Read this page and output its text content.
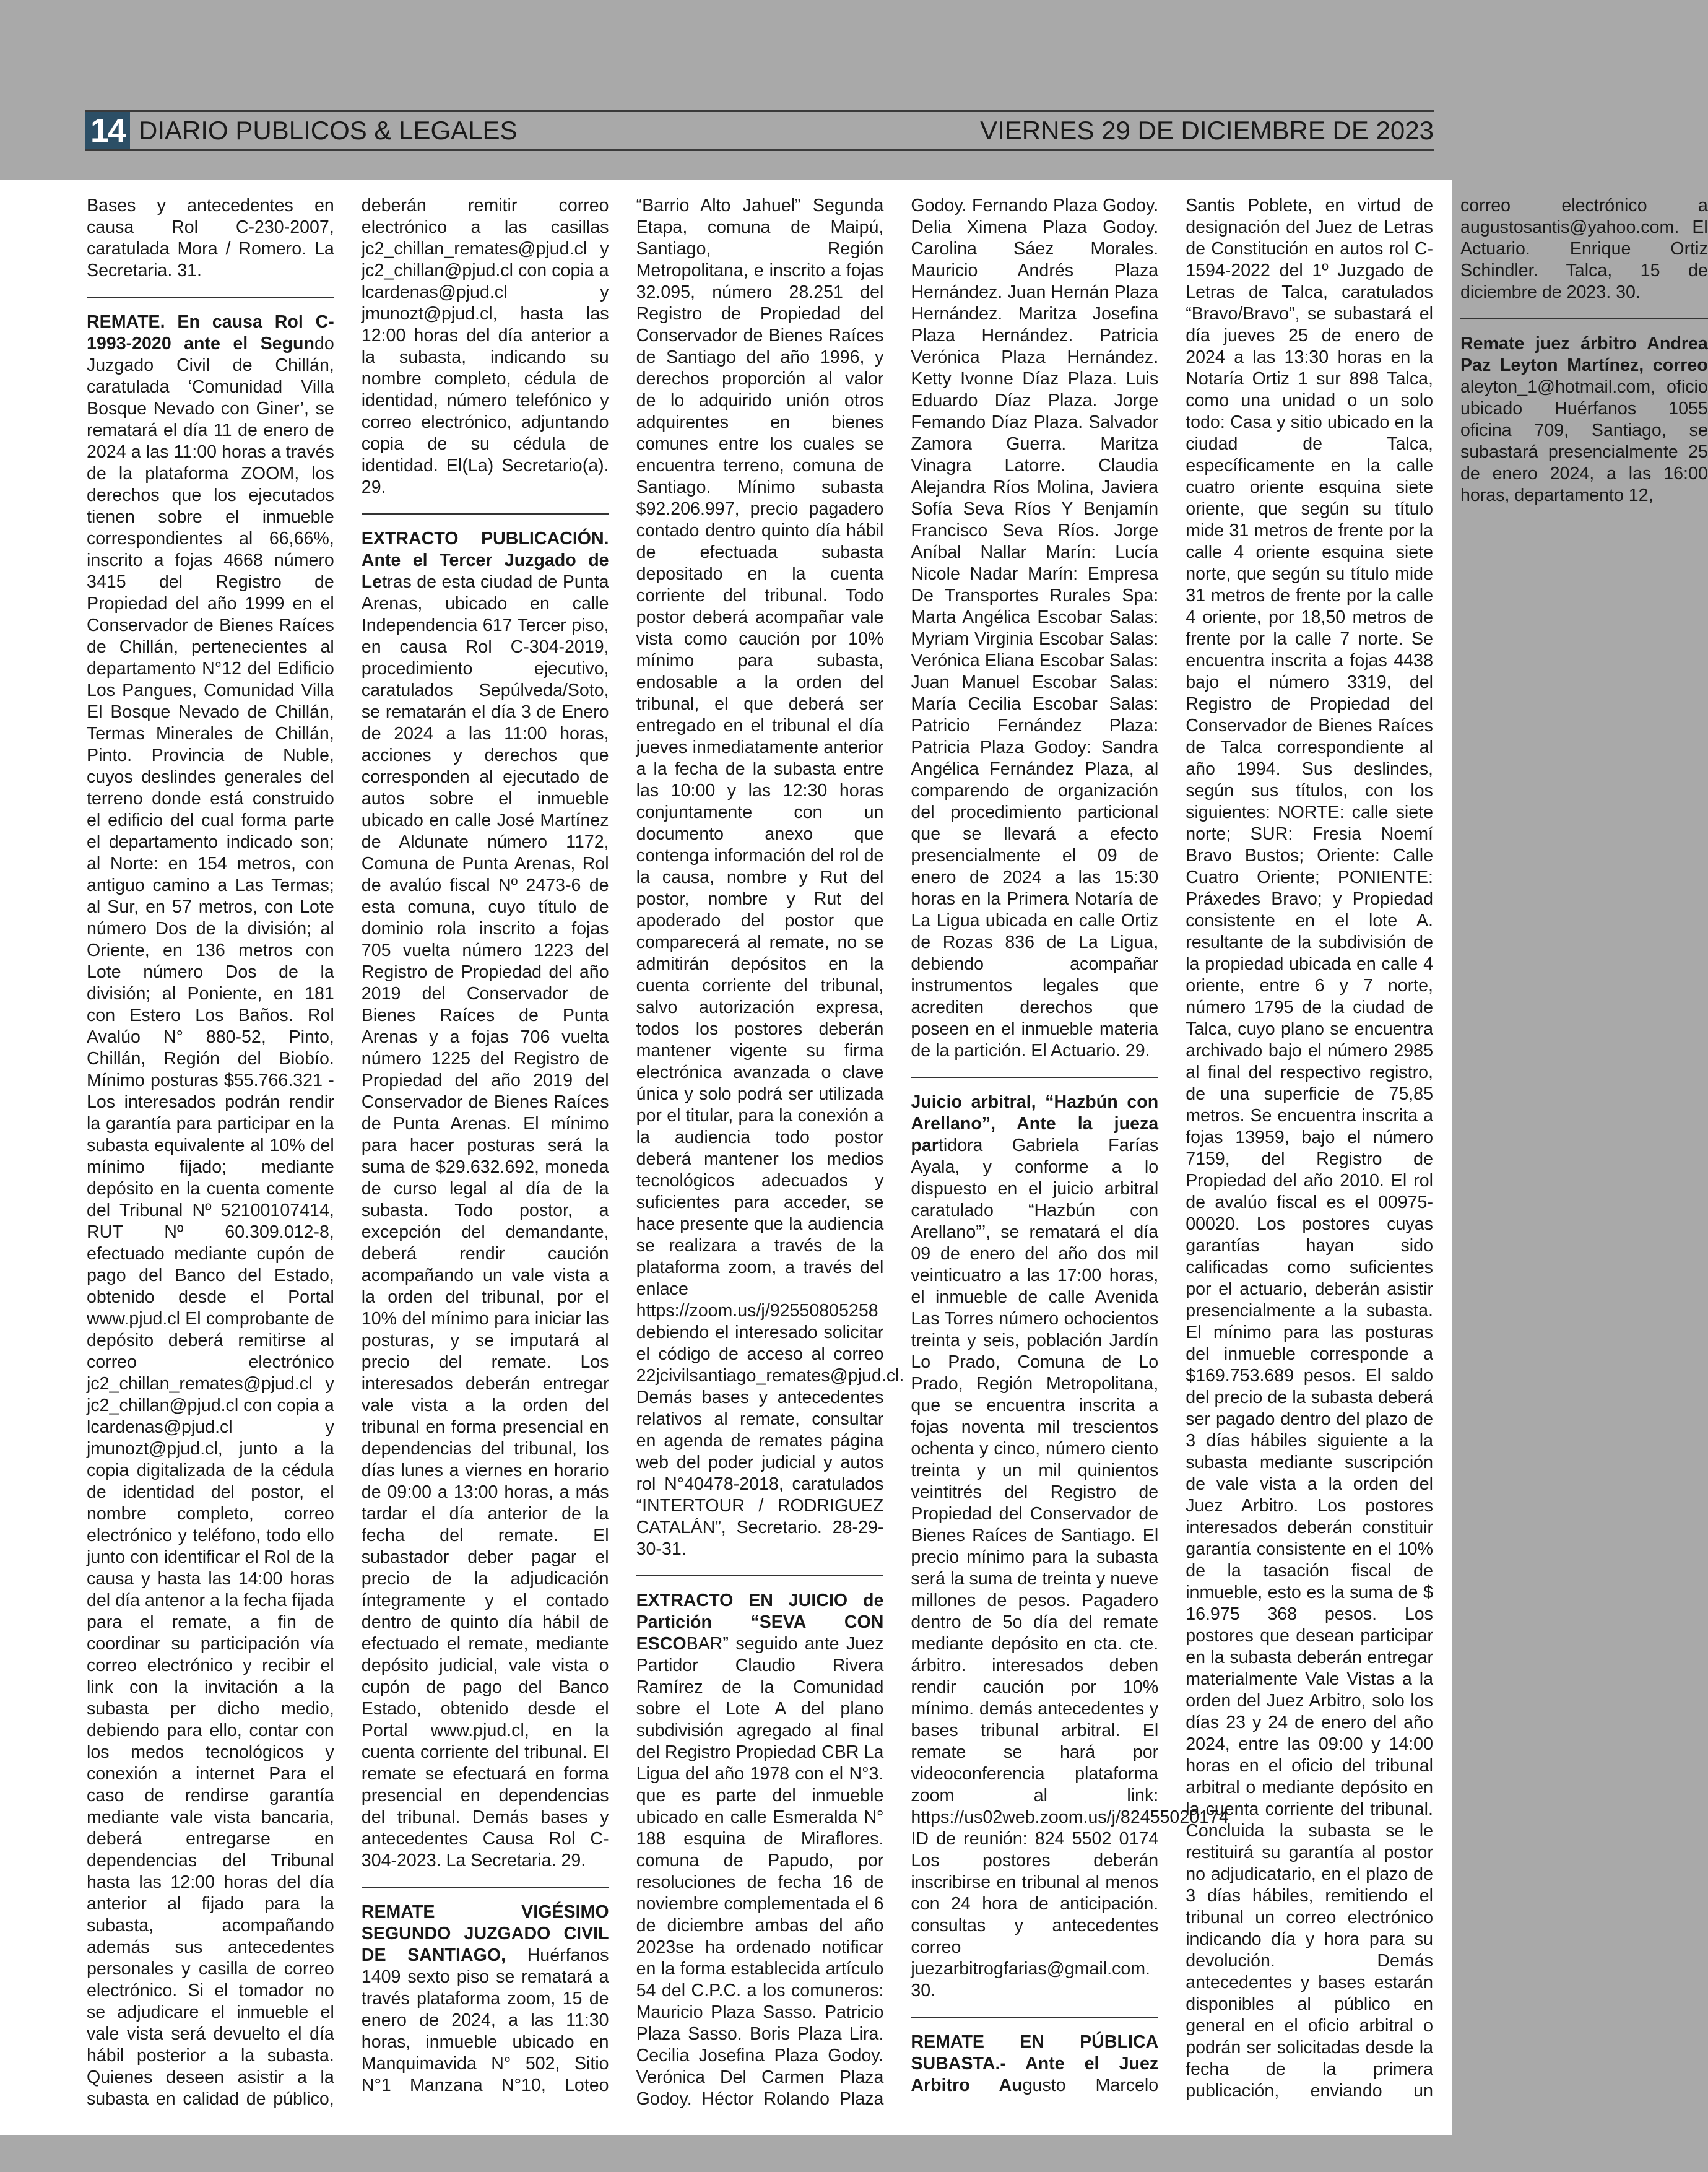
14 DIARIO PUBLICOS & LEGALES	VIERNES 29 DE DICIEMBRE DE 2023

Bases y antecedentes en causa Rol C-230-2007, caratulada Mora / Romero. La Secretaria. 31.

REMATE. En causa Rol C-1993-2020 ante el Segundo Juzgado Civil de Chillán, caratulada ‘Comunidad Villa Bosque Nevado con Giner’, se rematará el día 11 de enero de 2024 a las 11:00 horas a través de la plataforma ZOOM, los derechos que los ejecutados tienen sobre el inmueble correspondientes al 66,66%, inscrito a fojas 4668 número 3415 del Registro de Propiedad del año 1999 en el Conservador de Bienes Raíces de Chillán, pertenecientes al departamento N°12 del Edificio Los Pangues, Comunidad Villa El Bosque Nevado de Chillán, Termas Minerales de Chillán, Pinto. Provincia de Nuble, cuyos deslindes generales del terreno donde está construido el edificio del cual forma parte el departamento indicado son; al Norte: en 154 metros, con antiguo camino a Las Termas; al Sur, en 57 metros, con Lote número Dos de la división; al Oriente, en 136 metros con Lote número Dos de la división; al Poniente, en 181 con Estero Los Baños. Rol Avalúo N° 880-52, Pinto, Chillán, Región del Biobío. Mínimo posturas $55.766.321 - Los interesados podrán rendir la garantía para participar en la subasta equivalente al 10% del mínimo fijado; mediante depósito en la cuenta comente del Tribunal Nº 52100107414, RUT Nº 60.309.012-8, efectuado mediante cupón de pago del Banco del Estado, obtenido desde el Portal www.pjud.cl El comprobante de depósito deberá remitirse al correo electrónico jc2_chillan_remates@pjud.cl y jc2_chillan@pjud.cl con copia a lcardenas@pjud.cl y jmunozt@pjud.cl, junto a la copia digitalizada de la cédula de identidad del postor, el nombre completo, correo electrónico y teléfono, todo ello junto con identificar el Rol de la causa y hasta las 14:00 horas del día antenor a la fecha fijada para el remate, a fin de coordinar su participación vía correo electrónico y recibir el link con la invitación a la subasta per dicho medio, debiendo para ello, contar con los medos tecnológicos y conexión a internet Para el caso de rendirse garantía mediante vale vista bancaria, deberá entregarse en dependencias del Tribunal hasta las 12:00 horas del día anterior al fijado para la subasta, acompañando además sus antecedentes personales y casilla de correo electrónico. Si el tomador no se adjudicare el inmueble el vale vista será devuelto el día hábil posterior a la subasta. Quienes deseen asistir a la subasta en calidad de público, deberán remitir correo electrónico a las casillas jc2_chillan_remates@pjud.cl y jc2_chillan@pjud.cl con copia a lcardenas@pjud.cl y jmunozt@pjud.cl, hasta las 12:00 horas del día anterior a la subasta, indicando su nombre completo, cédula de identidad, número telefónico y correo electrónico, adjuntando copia de su cédula de identidad. El(La) Secretario(a). 29.

EXTRACTO PUBLICACIÓN. Ante el Tercer Juzgado de Letras de esta ciudad de Punta Arenas, ubicado en calle Independencia 617 Tercer piso, en causa Rol C-304-2019, procedimiento ejecutivo, caratulados Sepúlveda/Soto, se rematarán el día 3 de Enero de 2024 a las 11:00 horas, acciones y derechos que corresponden al ejecutado de autos sobre el inmueble ubicado en calle José Martínez de Aldunate número 1172, Comuna de Punta Arenas, Rol de avalúo fiscal Nº 2473-6 de esta comuna, cuyo título de dominio rola inscrito a fojas 705 vuelta número 1223 del Registro de Propiedad del año 2019 del Conservador de Bienes Raíces de Punta Arenas y a fojas 706 vuelta número 1225 del Registro de Propiedad del año 2019 del Conservador de Bienes Raíces de Punta Arenas. El mínimo para hacer posturas será la suma de $29.632.692, moneda de curso legal al día de la subasta. Todo postor, a excepción del demandante, deberá rendir caución acompañando un vale vista a la orden del tribunal, por el 10% del mínimo para iniciar las posturas, y se imputará al precio del remate. Los interesados deberán entregar vale vista a la orden del tribunal en forma presencial en dependencias del tribunal, los días lunes a viernes en horario de 09:00 a 13:00 horas, a más tardar el día anterior de la fecha del remate. El subastador deber pagar el precio de la adjudicación íntegramente y el contado dentro de quinto día hábil de efectuado el remate, mediante depósito judicial, vale vista o cupón de pago del Banco Estado, obtenido desde el Portal www.pjud.cl, en la cuenta corriente del tribunal. El remate se efectuará en forma presencial en dependencias del tribunal. Demás bases y antecedentes Causa Rol C-304-2023. La Secretaria. 29.

REMATE VIGÉSIMO SEGUNDO JUZGADO CIVIL DE SANTIAGO, Huérfanos 1409 sexto piso se rematará a través plataforma zoom, 15 de enero de 2024, a las 11:30 horas, inmueble ubicado en Manquimavida N° 502, Sitio N°1 Manzana N°10, Loteo “Barrio Alto Jahuel” Segunda Etapa, comuna de Maipú, Santiago, Región Metropolitana, e inscrito a fojas 32.095, número 28.251 del Registro de Propiedad del Conservador de Bienes Raíces de Santiago del año 1996, y derechos proporción al valor de lo adquirido unión otros adquirentes en bienes comunes entre los cuales se encuentra terreno, comuna de Santiago. Mínimo subasta $92.206.997, precio pagadero contado dentro quinto día hábil de efectuada subasta depositado en la cuenta corriente del tribunal. Todo postor deberá acompañar vale vista como caución por 10% mínimo para subasta, endosable a la orden del tribunal, el que deberá ser entregado en el tribunal el día jueves inmediatamente anterior a la fecha de la subasta entre las 10:00 y las 12:30 horas conjuntamente con un documento anexo que contenga información del rol de la causa, nombre y Rut del postor, nombre y Rut del apoderado del postor que comparecerá al remate, no se admitirán depósitos en la cuenta corriente del tribunal, salvo autorización expresa, todos los postores deberán mantener vigente su firma electrónica avanzada o clave única y solo podrá ser utilizada por el titular, para la conexión a la audiencia todo postor deberá mantener los medios tecnológicos adecuados y suficientes para acceder, se hace presente que la audiencia se realizara a través de la plataforma zoom, a través del enlace https://zoom.us/j/92550805258 debiendo el interesado solicitar el código de acceso al correo 22jcivilsantiago_remates@pjud.cl. Demás bases y antecedentes relativos al remate, consultar en agenda de remates página web del poder judicial y autos rol N°40478-2018, caratulados “INTERTOUR / RODRIGUEZ CATALÁN”, Secretario. 28-29-30-31.

EXTRACTO EN JUICIO de Partición “SEVA CON ESCOBAR” seguido ante Juez Partidor Claudio Rivera Ramírez de la Comunidad sobre el Lote A del plano subdivisión agregado al final del Registro Propiedad CBR La Ligua del año 1978 con el N°3. que es parte del inmueble ubicado en calle Esmeralda N° 188 esquina de Miraflores. comuna de Papudo, por resoluciones de fecha 16 de noviembre complementada el 6 de diciembre ambas del año 2023se ha ordenado notificar en la forma establecida artículo 54 del C.P.C. a los comuneros: Mauricio Plaza Sasso. Patricio Plaza Sasso. Boris Plaza Lira. Cecilia Josefina Plaza Godoy. Verónica Del Carmen Plaza Godoy. Héctor Rolando Plaza Godoy. Fernando Plaza Godoy. Delia Ximena Plaza Godoy. Carolina Sáez Morales. Mauricio Andrés Plaza Hernández. Juan Hernán Plaza Hernández. Maritza Josefina Plaza Hernández. Patricia Verónica Plaza Hernández. Ketty Ivonne Díaz Plaza. Luis Eduardo Díaz Plaza. Jorge Femando Díaz Plaza. Salvador Zamora Guerra. Maritza Vinagra Latorre. Claudia Alejandra Ríos Molina, Javiera Sofía Seva Ríos Y Benjamín Francisco Seva Ríos. Jorge Aníbal Nallar Marín: Lucía Nicole Nadar Marín: Empresa De Transportes Rurales Spa: Marta Angélica Escobar Salas: Myriam Virginia Escobar Salas: Verónica Eliana Escobar Salas: Juan Manuel Escobar Salas: María Cecilia Escobar Salas: Patricio Fernández Plaza: Patricia Plaza Godoy: Sandra Angélica Fernández Plaza, al comparendo de organización del procedimiento particional que se llevará a efecto presencialmente el 09 de enero de 2024 a las 15:30 horas en la Primera Notaría de La Ligua ubicada en calle Ortiz de Rozas 836 de La Ligua, debiendo acompañar instrumentos legales que acrediten derechos que poseen en el inmueble materia de la partición. El Actuario. 29.

Juicio arbitral, “Hazbún con Arellano”, Ante la jueza partidora Gabriela Farías Ayala, y conforme a lo dispuesto en el juicio arbitral caratulado “Hazbún con Arellano”’, se rematará el día 09 de enero del año dos mil veinticuatro a las 17:00 horas, el inmueble de calle Avenida Las Torres número ochocientos treinta y seis, población Jardín Lo Prado, Comuna de Lo Prado, Región Metropolitana, que se encuentra inscrita a fojas noventa mil trescientos ochenta y cinco, número ciento treinta y un mil quinientos veintitrés del Registro de Propiedad del Conservador de Bienes Raíces de Santiago. El precio mínimo para la subasta será la suma de treinta y nueve millones de pesos. Pagadero dentro de 5o día del remate mediante depósito en cta. cte. árbitro. interesados deben rendir caución por 10% mínimo. demás antecedentes y bases tribunal arbitral. El remate se hará por videoconferencia plataforma zoom al link: https://us02web.zoom.us/j/82455020174 ID de reunión: 824 5502 0174 Los postores deberán inscribirse en tribunal al menos con 24 hora de anticipación. consultas y antecedentes correo juezarbitrogfarias@gmail.com. 30.

REMATE EN PÚBLICA SUBASTA.- Ante el Juez Arbitro Augusto Marcelo Santis Poblete, en virtud de designación del Juez de Letras de Constitución en autos rol C-1594-2022 del 1º Juzgado de Letras de Talca, caratulados “Bravo/Bravo”, se subastará el día jueves 25 de enero de 2024 a las 13:30 horas en la Notaría Ortiz 1 sur 898 Talca, como una unidad o un solo todo: Casa y sitio ubicado en la ciudad de Talca, específicamente en la calle cuatro oriente esquina siete oriente, que según su título mide 31 metros de frente por la calle 4 oriente esquina siete norte, que según su título mide 31 metros de frente por la calle 4 oriente, por 18,50 metros de frente por la calle 7 norte. Se encuentra inscrita a fojas 4438 bajo el número 3319, del Registro de Propiedad del Conservador de Bienes Raíces de Talca correspondiente al año 1994. Sus deslindes, según sus títulos, con los siguientes: NORTE: calle siete norte; SUR: Fresia Noemí Bravo Bustos; Oriente: Calle Cuatro Oriente; PONIENTE: Práxedes Bravo; y Propiedad consistente en el lote A. resultante de la subdivisión de la propiedad ubicada en calle 4 oriente, entre 6 y 7 norte, número 1795 de la ciudad de Talca, cuyo plano se encuentra archivado bajo el número 2985 al final del respectivo registro, de una superficie de 75,85 metros. Se encuentra inscrita a fojas 13959, bajo el número 7159, del Registro de Propiedad del año 2010. El rol de avalúo fiscal es el 00975-00020. Los postores cuyas garantías hayan sido calificadas como suficientes por el actuario, deberán asistir presencialmente a la subasta. El mínimo para las posturas del inmueble corresponde a $169.753.689 pesos. El saldo del precio de la subasta deberá ser pagado dentro del plazo de 3 días hábiles siguiente a la subasta mediante suscripción de vale vista a la orden del Juez Arbitro. Los postores interesados deberán constituir garantía consistente en el 10% de la tasación fiscal de inmueble, esto es la suma de $ 16.975 368 pesos. Los postores que desean participar en la subasta deberán entregar materialmente Vale Vistas a la orden del Juez Arbitro, solo los días 23 y 24 de enero del año 2024, entre las 09:00 y 14:00 horas en el oficio del tribunal arbitral o mediante depósito en la cuenta corriente del tribunal. Concluida la subasta se le restituirá su garantía al postor no adjudicatario, en el plazo de 3 días hábiles, remitiendo el tribunal un correo electrónico indicando día y hora para su devolución. Demás antecedentes y bases estarán disponibles al público en general en el oficio arbitral o podrán ser solicitadas desde la fecha de la primera publicación, enviando un correo electrónico a augustosantis@yahoo.com. El Actuario. Enrique Ortiz Schindler. Talca, 15 de diciembre de 2023. 30.

Remate juez árbitro Andrea Paz Leyton Martínez, correo aleyton_1@hotmail.com, oficio ubicado Huérfanos 1055 oficina 709, Santiago, se subastará presencialmente 25 de enero 2024, a las 16:00 horas, departamento 12,
